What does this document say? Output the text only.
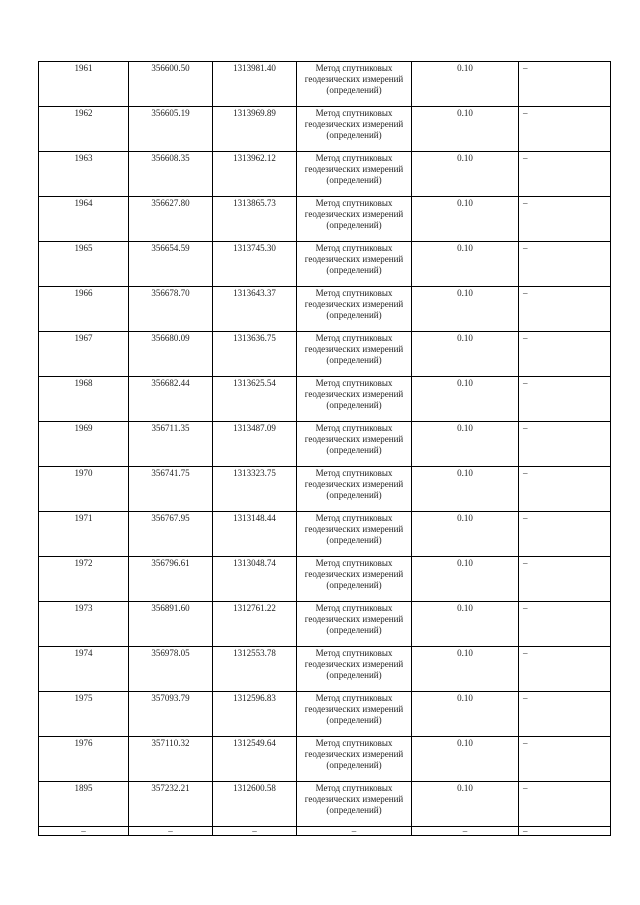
1961	356600.50	1313981.40	Метод спутниковых геодезических измерений (определений)	0.10	–
1962	356605.19	1313969.89	Метод спутниковых геодезических измерений (определений)	0.10	–
1963	356608.35	1313962.12	Метод спутниковых геодезических измерений (определений)	0.10	–
1964	356627.80	1313865.73	Метод спутниковых геодезических измерений (определений)	0.10	–
1965	356654.59	1313745.30	Метод спутниковых геодезических измерений (определений)	0.10	–
1966	356678.70	1313643.37	Метод спутниковых геодезических измерений (определений)	0.10	–
1967	356680.09	1313636.75	Метод спутниковых геодезических измерений (определений)	0.10	–
1968	356682.44	1313625.54	Метод спутниковых геодезических измерений (определений)	0.10	–
1969	356711.35	1313487.09	Метод спутниковых геодезических измерений (определений)	0.10	–
1970	356741.75	1313323.75	Метод спутниковых геодезических измерений (определений)	0.10	–
1971	356767.95	1313148.44	Метод спутниковых геодезических измерений (определений)	0.10	–
1972	356796.61	1313048.74	Метод спутниковых геодезических измерений (определений)	0.10	–
1973	356891.60	1312761.22	Метод спутниковых геодезических измерений (определений)	0.10	–
1974	356978.05	1312553.78	Метод спутниковых геодезических измерений (определений)	0.10	–
1975	357093.79	1312596.83	Метод спутниковых геодезических измерений (определений)	0.10	–
1976	357110.32	1312549.64	Метод спутниковых геодезических измерений (определений)	0.10	–
1895	357232.21	1312600.58	Метод спутниковых геодезических измерений (определений)	0.10	–
–	–	–	–	–	–
